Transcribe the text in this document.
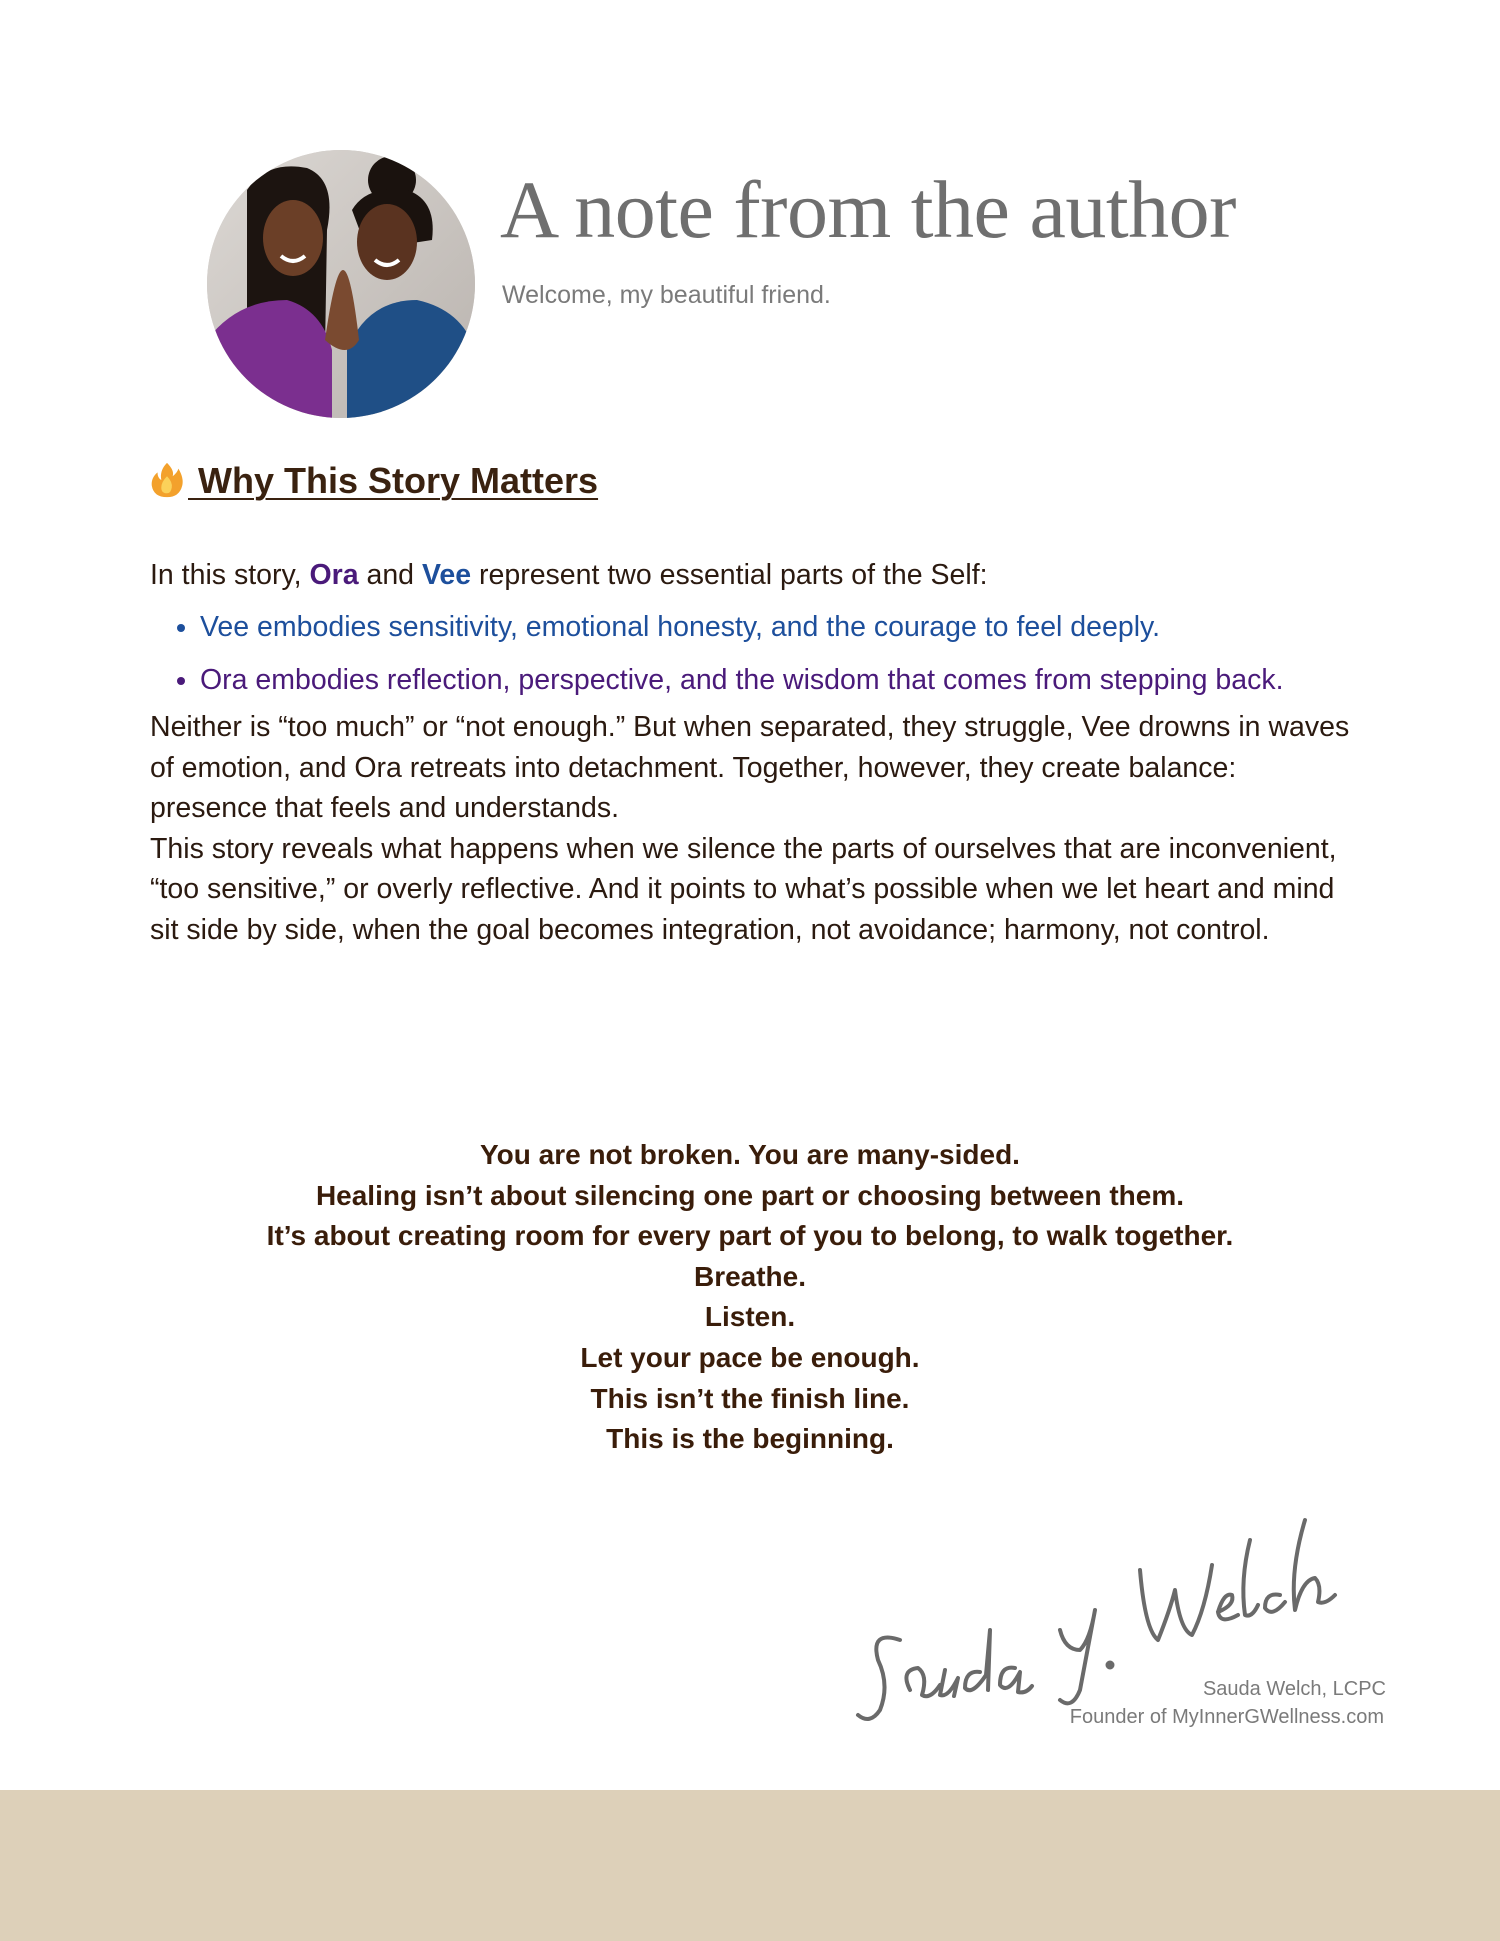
A note from the author

Welcome, my beautiful friend.

Why This Story Matters

In this story, Ora and Vee represent two essential parts of the Self:

• Vee embodies sensitivity, emotional honesty, and the courage to feel deeply.
• Ora embodies reflection, perspective, and the wisdom that comes from stepping back.

Neither is “too much” or “not enough.” But when separated, they struggle, Vee drowns in waves of emotion, and Ora retreats into detachment. Together, however, they create balance: presence that feels and understands.

This story reveals what happens when we silence the parts of ourselves that are inconvenient, “too sensitive,” or overly reflective. And it points to what’s possible when we let heart and mind sit side by side, when the goal becomes integration, not avoidance; harmony, not control.

You are not broken. You are many-sided.
Healing isn’t about silencing one part or choosing between them.
It’s about creating room for every part of you to belong, to walk together.
Breathe.
Listen.
Let your pace be enough.
This isn’t the finish line.
This is the beginning.

Sauda Welch, LCPC

Founder of MyInnerGWellness.com
